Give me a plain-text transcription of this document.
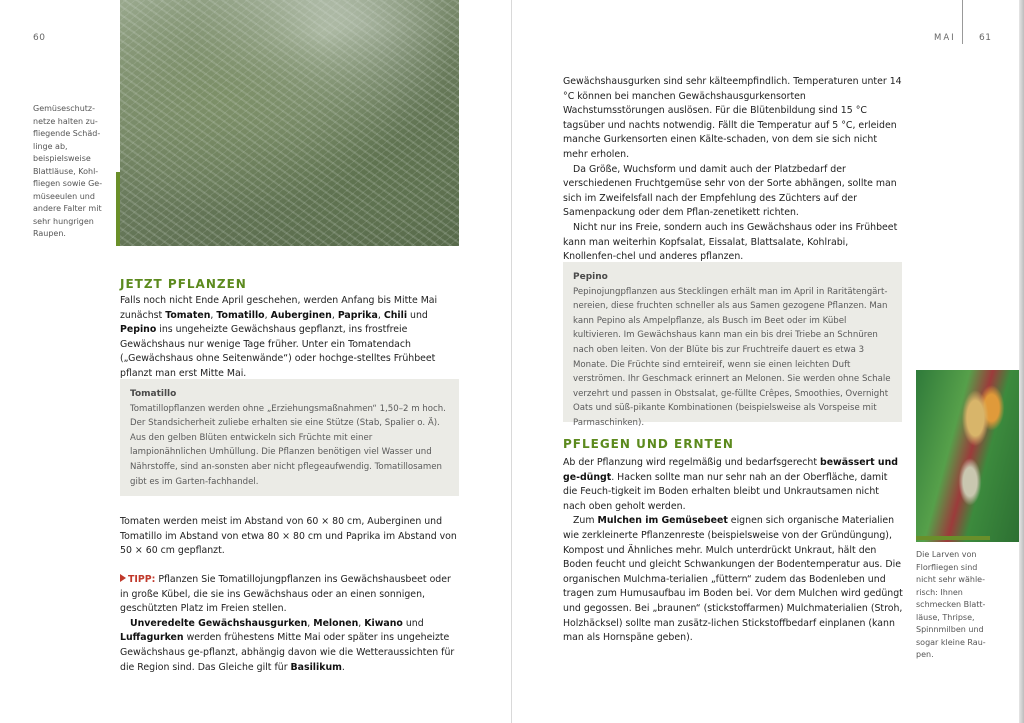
60
Gemüseschutz-netze halten zu-fliegende Schäd-linge ab, beispielsweise Blattläuse, Kohl-fliegen sowie Ge-müseeulen und andere Falter mit sehr hungrigen Raupen.
JETZT PFLANZEN

Falls noch nicht Ende April geschehen, werden Anfang bis Mitte Mai zunächst Tomaten, Tomatillo, Auberginen, Paprika, Chili und Pepino ins ungeheizte Gewächshaus gepflanzt, ins frostfreie Gewächshaus nur wenige Tage früher. Unter ein Tomatendach („Gewächshaus ohne Seitenwände“) oder hochge-stelltes Frühbeet pflanzt man erst Mitte Mai.

Tomatillo
Tomatillopflanzen werden ohne „Erziehungsmaßnahmen“ 1,50–2 m hoch. Der Standsicherheit zuliebe erhalten sie eine Stütze (Stab, Spalier o. Ä). Aus den gelben Blüten entwickeln sich Früchte mit einer lampionähnlichen Umhüllung. Die Pflanzen benötigen viel Wasser und Nährstoffe, sind an-sonsten aber nicht pflegeaufwendig. Tomatillosamen gibt es im Garten-fachhandel.
Tomaten werden meist im Abstand von 60 × 80 cm, Auberginen und Tomatillo im Abstand von etwa 80 × 80 cm und Paprika im Abstand von 50 × 60 cm gepflanzt.

TIPP: Pflanzen Sie Tomatillojungpflanzen ins Gewächshausbeet oder in große Kübel, die sie ins Gewächshaus oder an einen sonnigen, geschützten Platz im Freien stellen.

Unveredelte Gewächshausgurken, Melonen, Kiwano und Luffagurken werden frühestens Mitte Mai oder später ins ungeheizte Gewächshaus ge-pflanzt, abhängig davon wie die Wetteraussichten für die Region sind. Das Gleiche gilt für Basilikum.

MAI	61

Gewächshausgurken sind sehr kälteempfindlich. Temperaturen unter 14 °C können bei manchen Gewächshausgurkensorten Wachstumsstörungen auslösen. Für die Blütenbildung sind 15 °C tagsüber und nachts notwendig. Fällt die Temperatur auf 5 °C, erleiden manche Gurkensorten einen Kälte-schaden, von dem sie sich nicht mehr erholen.

Da Größe, Wuchsform und damit auch der Platzbedarf der verschiedenen Fruchtgemüse sehr von der Sorte abhängen, sollte man sich im Zweifelsfall nach der Empfehlung des Züchters auf der Samenpackung oder dem Pflan-zenetikett richten.

Nicht nur ins Freie, sondern auch ins Gewächshaus oder ins Frühbeet kann man weiterhin Kopfsalat, Eissalat, Blattsalate, Kohlrabi, Knollenfen-chel und anderes pflanzen.

Pepino
Pepinojungpflanzen aus Stecklingen erhält man im April in Raritätengärt-nereien, diese fruchten schneller als aus Samen gezogene Pflanzen. Man kann Pepino als Ampelpflanze, als Busch im Beet oder im Kübel kultivieren. Im Gewächshaus kann man ein bis drei Triebe an Schnüren nach oben leiten. Von der Blüte bis zur Fruchtreife dauert es etwa 3 Monate. Die Früchte sind ernteireif, wenn sie einen leichten Duft verströmen. Ihr Geschmack erinnert an Melonen. Sie werden ohne Schale verzehrt und passen in Obstsalat, ge-füllte Crêpes, Smoothies, Overnight Oats und süß-pikante Kombinationen (beispielsweise als Vorspeise mit Parmaschinken).
PFLEGEN UND ERNTEN

Ab der Pflanzung wird regelmäßig und bedarfsgerecht bewässert und ge-düngt. Hacken sollte man nur sehr nah an der Oberfläche, damit die Feuch-tigkeit im Boden erhalten bleibt und Unkrautsamen nicht nach oben geholt werden.

Zum Mulchen im Gemüsebeet eignen sich organische Materialien wie zerkleinerte Pflanzenreste (beispielsweise von der Gründüngung), Kompost und Ähnliches mehr. Mulch unterdrückt Unkraut, hält den Boden feucht und gleicht Schwankungen der Bodentemperatur aus. Die organischen Mulchma-terialien „füttern“ zudem das Bodenleben und tragen zum Humusaufbau im Boden bei. Vor dem Mulchen wird gedüngt und gegossen. Bei „braunen“ (stickstoffarmen) Mulchmaterialien (Stroh, Holzhäcksel) sollte man zusätz-lichen Stickstoffbedarf einplanen (kann man als Hornspäne geben).

Die Larven von Florfliegen sind nicht sehr wähle-risch: Ihnen schmecken Blatt-läuse, Thripse, Spinnmilben und sogar kleine Rau-pen.
